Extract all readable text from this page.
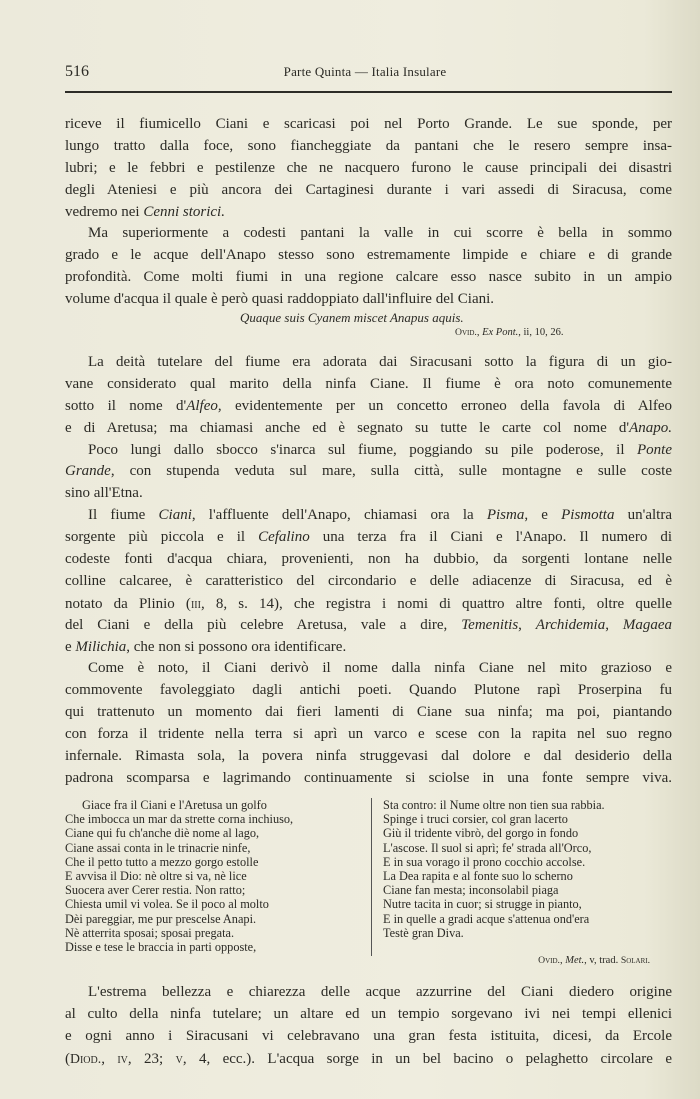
516	Parte Quinta — Italia Insulare
riceve il fiumicello Ciani e scaricasi poi nel Porto Grande. Le sue sponde, per
lungo tratto dalla foce, sono fiancheggiate da pantani che le resero sempre insa-
lubri; e le febbri e pestilenze che ne nacquero furono le cause principali dei disastri
degli Ateniesi e più ancora dei Cartaginesi durante i vari assedi di Siracusa, come
vedremo nei Cenni storici.
Ma superiormente a codesti pantani la valle in cui scorre è bella in sommo
grado e le acque dell'Anapo stesso sono estremamente limpide e chiare e di grande
profondità. Come molti fiumi in una regione calcare esso nasce subito in un ampio
volume d'acqua il quale è però quasi raddoppiato dall'influire del Ciani.
Quaque suis Cyanem miscet Anapus aquis.
Ovid., Ex Pont., ii, 10, 26.
La deità tutelare del fiume era adorata dai Siracusani sotto la figura di un gio-
vane considerato qual marito della ninfa Ciane. Il fiume è ora noto comunemente
sotto il nome d'Alfeo, evidentemente per un concetto erroneo della favola di Alfeo
e di Aretusa; ma chiamasi anche ed è segnato su tutte le carte col nome d'Anapo.
Poco lungi dallo sbocco s'inarca sul fiume, poggiando su pile poderose, il Ponte
Grande, con stupenda veduta sul mare, sulla città, sulle montagne e sulle coste
sino all'Etna.
Il fiume Ciani, l'affluente dell'Anapo, chiamasi ora la Pisma, e Pismotta un'altra
sorgente più piccola e il Cefalino una terza fra il Ciani e l'Anapo. Il numero di
codeste fonti d'acqua chiara, provenienti, non ha dubbio, da sorgenti lontane nelle
colline calcaree, è caratteristico del circondario e delle adiacenze di Siracusa, ed è
notato da Plinio (iii, 8, s. 14), che registra i nomi di quattro altre fonti, oltre quelle
del Ciani e della più celebre Aretusa, vale a dire, Temenitis, Archidemia, Magaea
e Milichia, che non si possono ora identificare.
Come è noto, il Ciani derivò il nome dalla ninfa Ciane nel mito grazioso e
commovente favoleggiato dagli antichi poeti. Quando Plutone rapì Proserpina fu
qui trattenuto un momento dai fieri lamenti di Ciane sua ninfa; ma poi, piantando
con forza il tridente nella terra si aprì un varco e scese con la rapita nel suo regno
infernale. Rimasta sola, la povera ninfa struggevasi dal dolore e dal desiderio della
padrona scomparsa e lagrimando continuamente si sciolse in una fonte sempre viva.
Giace fra il Ciani e l'Aretusa un golfo
Che imbocca un mar da strette corna inchiuso,
Ciane qui fu ch'anche diè nome al lago,
Ciane assai conta in le trinacrie ninfe,
Che il petto tutto a mezzo gorgo estolle
E avvisa il Dio: nè oltre si va, nè lice
Suocera aver Cerer restia. Non ratto;
Chiesta umil vi volea. Se il poco al molto
Dèi pareggiar, me pur prescelse Anapi.
Nè atterrita sposai; sposai pregata.
Disse e tese le braccia in parti opposte,
Sta contro: il Nume oltre non tien sua rabbia.
Spinge i truci corsier, col gran lacerto
Giù il tridente vibrò, del gorgo in fondo
L'ascose. Il suol si aprì; fe' strada all'Orco,
E in sua vorago il prono cocchio accolse.
La Dea rapita e al fonte suo lo scherno
Ciane fan mesta; inconsolabil piaga
Nutre tacita in cuor; si strugge in pianto,
E in quelle a gradi acque s'attenua ond'era
Testè gran Diva.
Ovid., Met., v, trad. Solari.
L'estrema bellezza e chiarezza delle acque azzurrine del Ciani diedero origine
al culto della ninfa tutelare; un altare ed un tempio sorgevano ivi nei tempi ellenici
e ogni anno i Siracusani vi celebravano una gran festa istituita, dicesi, da Ercole
(Diod., iv, 23; v, 4, ecc.). L'acqua sorge in un bel bacino o pelaghetto circolare e
